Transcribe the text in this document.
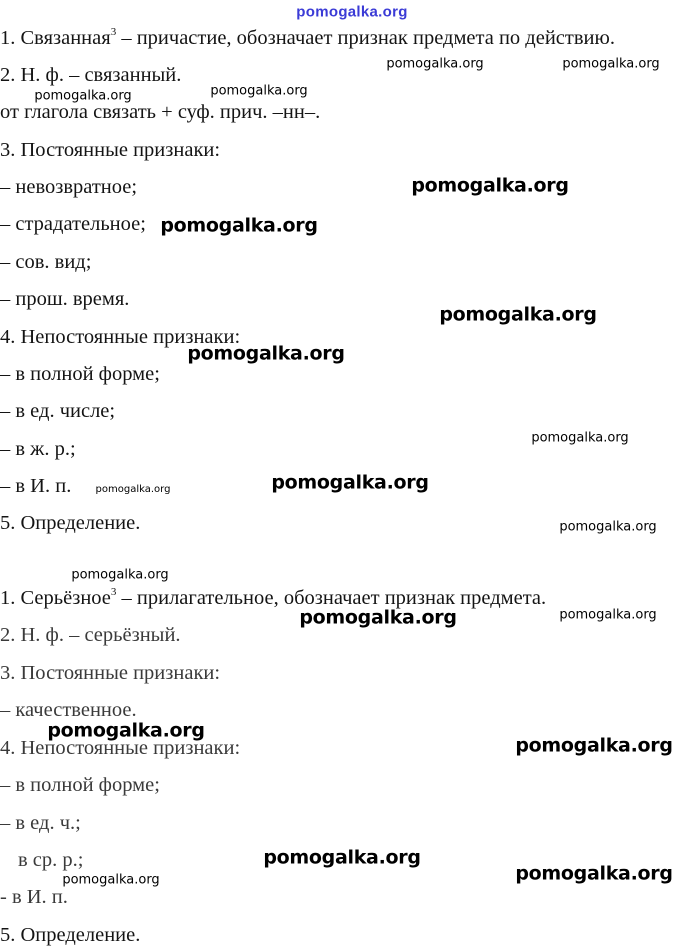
1. Связанная$^3$ – причастие, обозначает признак предмета по действию.
2. Н. ф. – связанный.
от глагола связать + суф. прич. –нн–.
3. Постоянные признаки:
– невозвратное;
– страдательное;
– сов. вид;
– прош. время.
4. Непостоянные признаки:
– в полной форме;
– в ед. числе;
– в ж. р.;
– в И. п.
5. Определение.
1. Серьёзное$^3$ – прилагательное, обозначает признак предмета.
2. Н. ф. – серьёзный.
3. Постоянные признаки:
– качественное.
4. Непостоянные признаки:
– в полной форме;
– в ед. ч.;
в ср. р.;
- в И. п.
5. Определение.
pomogalka.org
pomogalka.org	pomogalka.org
pomogalka.org
pomogalka.org
pomogalka.org
pomogalka.org
pomogalka.org
pomogalka.org
pomogalka.org
pomogalka.org
pomogalka.org
pomogalka.org
pomogalka.org
pomogalka.org	pomogalka.org
pomogalka.org
pomogalka.org
pomogalka.org
pomogalka.org
pomogalka.org
